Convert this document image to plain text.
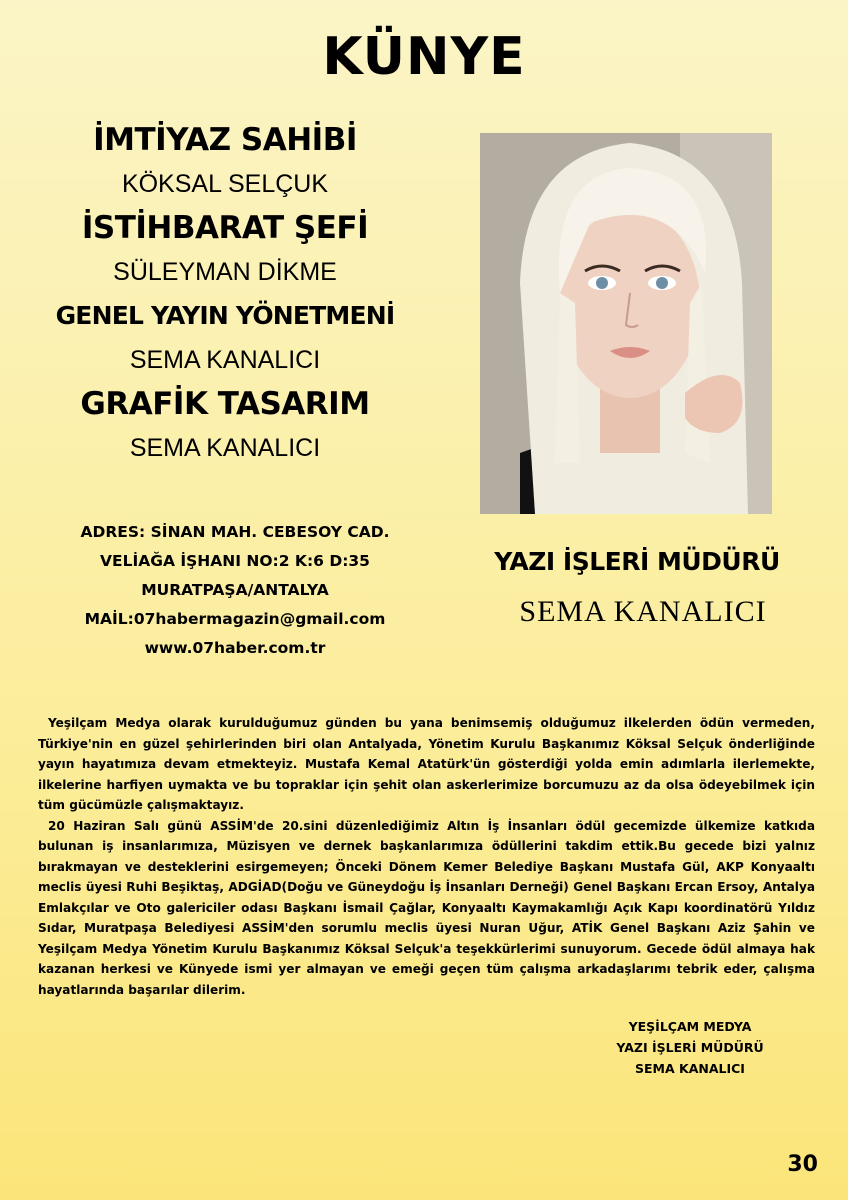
KÜNYE
İMTİYAZ SAHİBİ
KÖKSAL SELÇUK
İSTİHBARAT ŞEFİ
SÜLEYMAN DİKME
GENEL YAYIN YÖNETMENİ
SEMA KANALICI
GRAFİK TASARIM
SEMA KANALICI
ADRES: SİNAN MAH. CEBESOY CAD.
VELİAĞA İŞHANI NO:2 K:6 D:35
MURATPAŞA/ANTALYA
MAİL:07habermagazin@gmail.com
www.07haber.com.tr
YAZI İŞLERİ MÜDÜRÜ
SEMA KANALICI

Yeşilçam Medya olarak kurulduğumuz günden bu yana benimsemiş olduğumuz ilkelerden ödün vermeden, Türkiye'nin en güzel şehirlerinden biri olan Antalyada, Yönetim Kurulu Başkanımız Köksal Selçuk önderliğinde yayın hayatımıza devam etmekteyiz. Mustafa Kemal Atatürk'ün gösterdiği yolda emin adımlarla ilerlemekte, ilkelerine harfiyen uymakta ve bu topraklar için şehit olan askerlerimize borcumuzu az da olsa ödeyebilmek için tüm gücümüzle çalışmaktayız.

20 Haziran Salı günü ASSİM'de 20.sini düzenlediğimiz Altın İş İnsanları ödül gecemizde ülkemize katkıda bulunan iş insanlarımıza, Müzisyen ve dernek başkanlarımıza ödüllerini takdim ettik.Bu gecede bizi yalnız bırakmayan ve desteklerini esirgemeyen; Önceki Dönem Kemer Belediye Başkanı Mustafa Gül, AKP Konyaaltı meclis üyesi Ruhi Beşiktaş, ADGİAD(Doğu ve Güneydoğu İş İnsanları Derneği) Genel Başkanı Ercan Ersoy, Antalya Emlakçılar ve Oto galericiler odası Başkanı İsmail Çağlar, Konyaaltı Kaymakamlığı Açık Kapı koordinatörü Yıldız Sıdar, Muratpaşa Belediyesi ASSİM'den sorumlu meclis üyesi Nuran Uğur, ATİK Genel Başkanı Aziz Şahin ve Yeşilçam Medya Yönetim Kurulu Başkanımız Köksal Selçuk'a teşekkürlerimi sunuyorum. Gecede ödül almaya hak kazanan herkesi ve Künyede ismi yer almayan ve emeği geçen tüm çalışma arkadaşlarımı tebrik eder, çalışma hayatlarında başarılar dilerim.

YEŞİLÇAM MEDYA
YAZI İŞLERİ MÜDÜRÜ
SEMA KANALICI
30
